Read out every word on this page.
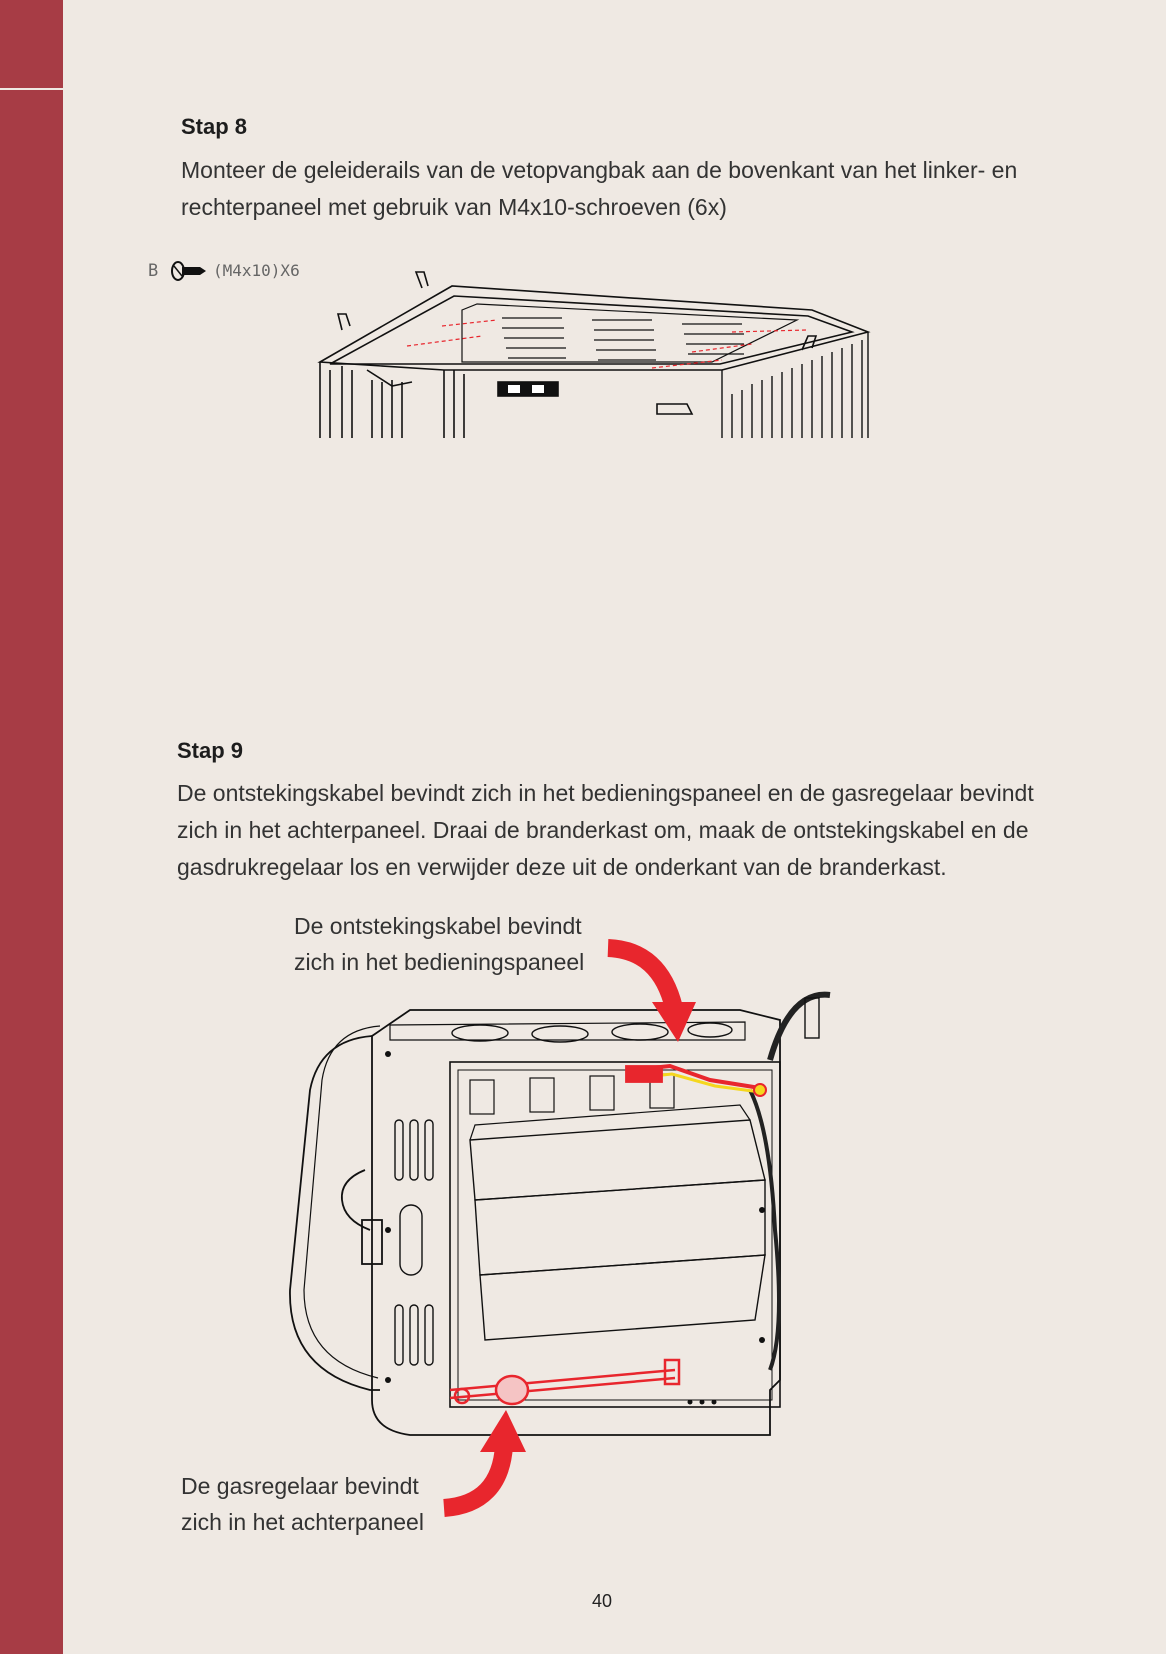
Stap 8
Monteer de geleiderails van de vetopvangbak aan de bovenkant van het linker- en
rechterpaneel met gebruik van M4x10-schroeven (6x)
B	(M4x10)X6
Stap 9
De ontstekingskabel bevindt zich in het bedieningspaneel en de gasregelaar bevindt
zich in het achterpaneel. Draai de branderkast om, maak de ontstekingskabel en de
gasdrukregelaar los en verwijder deze uit de onderkant van de branderkast.
De ontstekingskabel bevindt
zich in het bedieningspaneel
De gasregelaar bevindt
zich in het achterpaneel
40
